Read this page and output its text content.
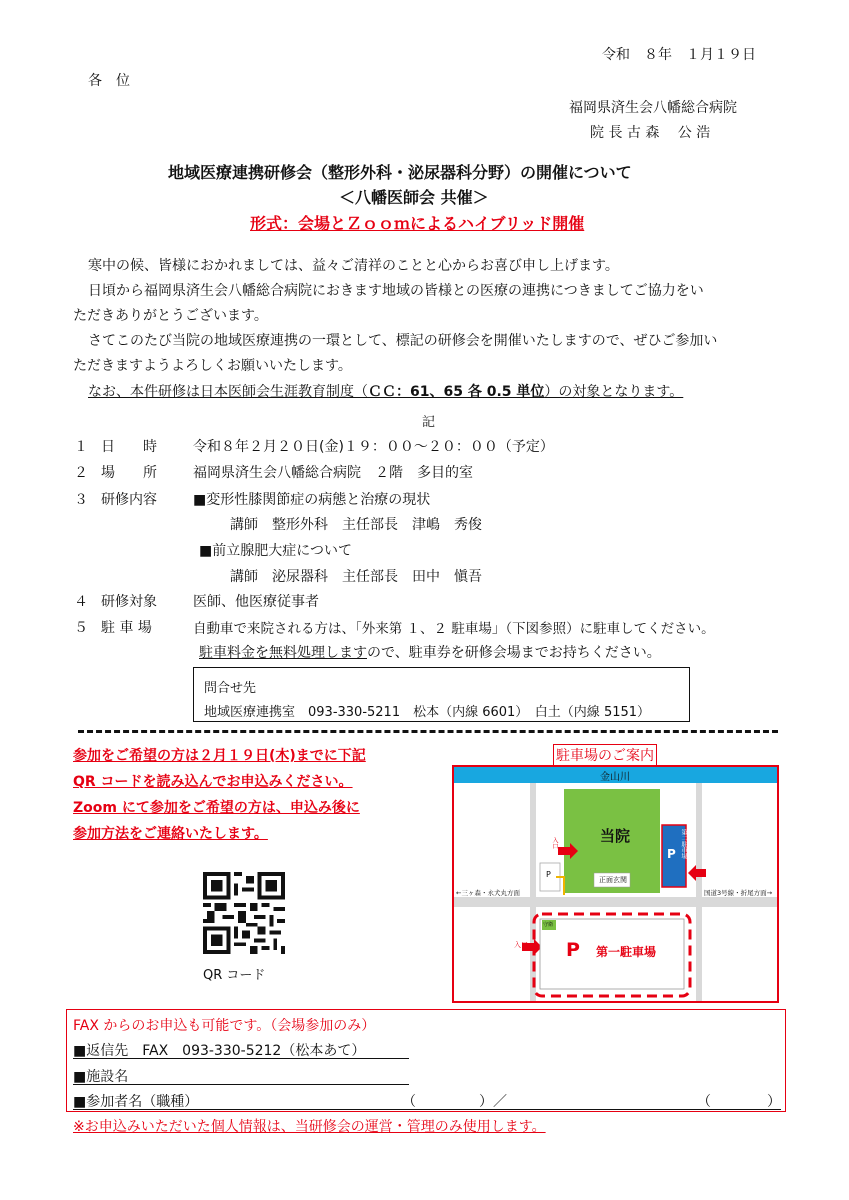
令和　８年　１月１９日
各　位
福岡県済生会八幡総合病院
院 長 古 森　 公 浩
地域医療連携研修会（整形外科・泌尿器科分野）の開催について
＜八幡医師会 共催＞
形式：会場とＺｏｏｍによるハイブリッド開催
寒中の候、皆様におかれましては、益々ご清祥のことと心からお喜び申し上げます。
日頃から福岡県済生会八幡総合病院におきます地域の皆様との医療の連携につきましてご協力をい
ただきありがとうございます。
さてこのたび当院の地域医療連携の一環として、標記の研修会を開催いたしますので、ぜひご参加い
ただきますようよろしくお願いいたします。
なお、本件研修は日本医師会生涯教育制度（ＣＣ：61、65 各 0.5 単位）の対象となります。
記
１ 日　　時	令和８年２月２０日(金)１９：００〜２０：００（予定）
２ 場　　所	福岡県済生会八幡総合病院　２階　多目的室
３ 研修内容	■変形性膝関節症の病態と治療の現状
講師　整形外科　主任部長　津嶋　秀俊
■前立腺肥大症について
講師　泌尿器科　主任部長　田中　愼吾
４ 研修対象	医師、他医療従事者
５ 駐 車 場	自動車で来院される方は、「外来第 １、２ 駐車場」（下図参照）に駐車してください。
駐車料金を無料処理しますので、駐車券を研修会場までお持ちください。
問合せ先
地域医療連携室　093-330-5211　松本（内線 6601）　白土（内線 5151）
参加をご希望の方は２月１９日(木)までに下記
QR コードを読み込んでお申込みください。
Zoom にて参加をご希望の方は、申込み後に
参加方法をご連絡いたします。
QR コード
駐車場のご案内
金山川
当院
正面玄関
P 第二駐車場
P
入口
入口
守衛
←三ヶ森・永犬丸方面	国道3号線・折尾方面→
P 第一駐車場
FAX からのお申込も可能です。（会場参加のみ）
■返信先　FAX　093-330-5212（松本あて）
■施設名
■参加者名（職種）	（	）／	（	）
※お申込みいただいた個人情報は、当研修会の運営・管理のみ使用します。
